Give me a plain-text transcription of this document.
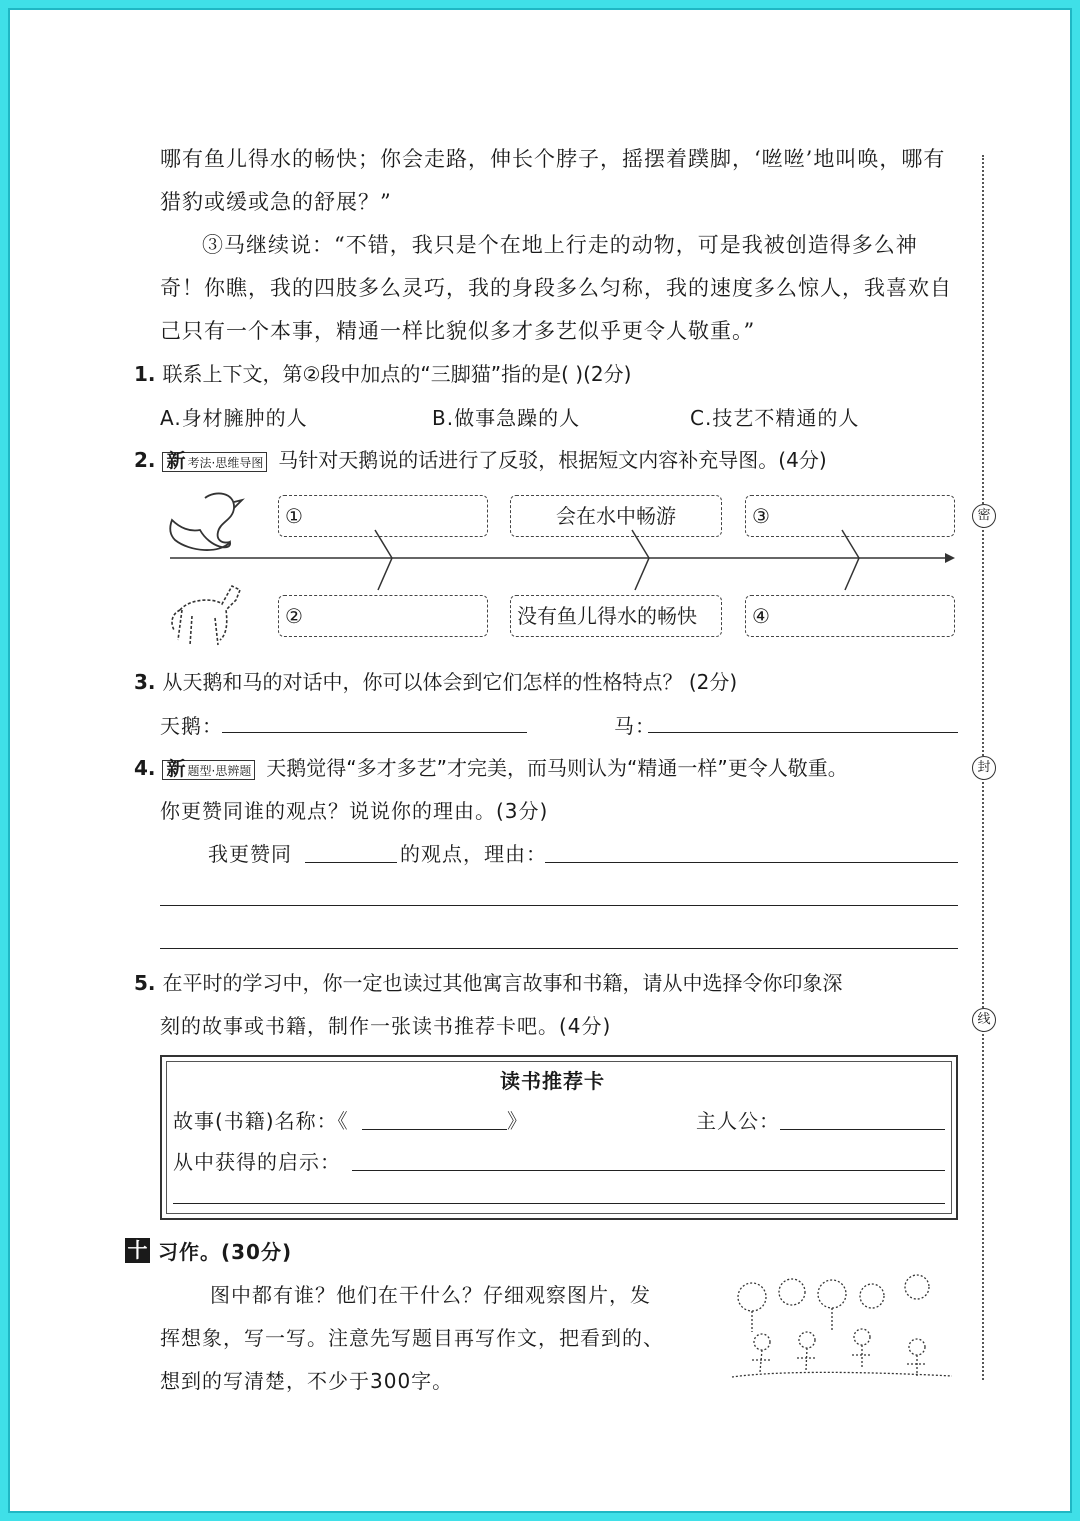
哪有鱼儿得水的畅快；你会走路，伸长个脖子，摇摆着蹼脚，‘咝咝’地叫唤，哪有
猎豹或缓或急的舒展？”
③马继续说：“不错，我只是个在地上行走的动物，可是我被创造得多么神
奇！你瞧，我的四肢多么灵巧，我的身段多么匀称，我的速度多么惊人，我喜欢自
己只有一个本事，精通一样比貌似多才多艺似乎更令人敬重。”
1. 联系上下文，第②段中加点的“三脚猫”指的是( )(2分)
A.身材臃肿的人	B.做事急躁的人	C.技艺不精通的人
2. 新 考法·思维导图 马针对天鹅说的话进行了反驳，根据短文内容补充导图。(4分)
①	会在水中畅游	③
②	没有鱼儿得水的畅快	④
3. 从天鹅和马的对话中，你可以体会到它们怎样的性格特点？ (2分)
天鹅：	马：
4. 新 题型·思辨题 天鹅觉得“多才多艺”才完美，而马则认为“精通一样”更令人敬重。
你更赞同谁的观点？说说你的理由。(3分)
我更赞同	的观点，理由：
5. 在平时的学习中，你一定也读过其他寓言故事和书籍，请从中选择令你印象深
刻的故事或书籍，制作一张读书推荐卡吧。(4分)
读书推荐卡
故事(书籍)名称：《	》	主人公：
从中获得的启示：
十 习作。(30分)
图中都有谁？他们在干什么？仔细观察图片，发
挥想象，写一写。注意先写题目再写作文，把看到的、
想到的写清楚，不少于300字。
密
封
线
